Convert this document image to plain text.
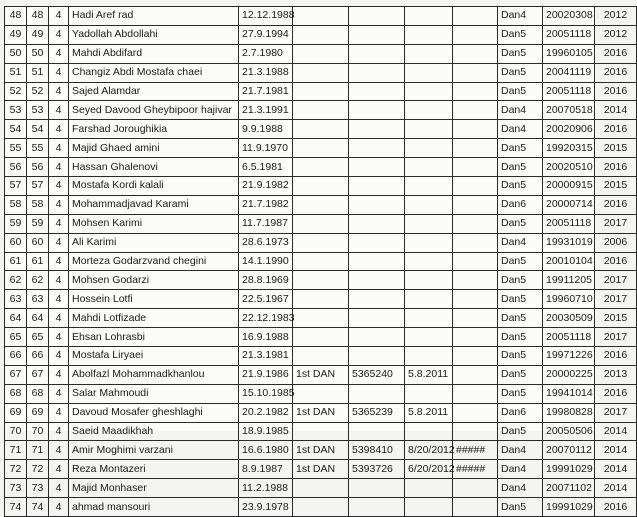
48	48	4	Hadi Aref rad	12.12.1988					Dan4	20020308	2012
49	49	4	Yadollah Abdollahi	27.9.1994					Dan5	20051118	2012
50	50	4	Mahdi Abdifard	2.7.1980					Dan5	19960105	2016
51	51	4	Changiz Abdi Mostafa chaei	21.3.1988					Dan5	20041119	2016
52	52	4	Sajed Alamdar	21.7.1981					Dan5	20051118	2016
53	53	4	Seyed Davood Gheybipoor hajivar	21.3.1991					Dan4	20070518	2014
54	54	4	Farshad Joroughikia	9.9.1988					Dan4	20020906	2016
55	55	4	Majid Ghaed amini	11.9.1970					Dan5	19920315	2015
56	56	4	Hassan Ghalenovi	6.5.1981					Dan5	20020510	2016
57	57	4	Mostafa Kordi kalali	21.9.1982					Dan5	20000915	2015
58	58	4	Mohammadjavad Karami	21.7.1982					Dan6	20000714	2016
59	59	4	Mohsen Karimi	11.7.1987					Dan5	20051118	2017
60	60	4	Ali Karimi	28.6.1973					Dan4	19931019	2006
61	61	4	Morteza Godarzvand chegini	14.1.1990					Dan5	20010104	2016
62	62	4	Mohsen Godarzi	28.8.1969					Dan5	19911205	2017
63	63	4	Hossein Lotfi	22.5.1967					Dan5	19960710	2017
64	64	4	Mahdi Lotfizade	22.12.1983					Dan5	20030509	2015
65	65	4	Ehsan Lohrasbi	16.9.1988					Dan5	20051118	2017
66	66	4	Mostafa Liryaei	21.3.1981					Dan5	19971226	2016
67	67	4	Abolfazl Mohammadkhanlou	21.9.1986	1st DAN	5365240	5.8.2011		Dan5	20000225	2013
68	68	4	Salar Mahmoudi	15.10.1985					Dan5	19941014	2016
69	69	4	Davoud Mosafer gheshlaghi	20.2.1982	1st DAN	5365239	5.8.2011		Dan6	19980828	2017
70	70	4	Saeid Maadikhah	18.9.1985					Dan5	20050506	2014
71	71	4	Amir Moghimi varzani	16.6.1980	1st DAN	5398410	8/20/2012	#####	Dan4	20070112	2014
72	72	4	Reza Montazeri	8.9.1987	1st DAN	5393726	6/20/2012	#####	Dan4	19991029	2014
73	73	4	Majid Monhaser	11.2.1988					Dan4	20071102	2014
74	74	4	ahmad mansouri	23.9.1978					Dan5	19991029	2016
